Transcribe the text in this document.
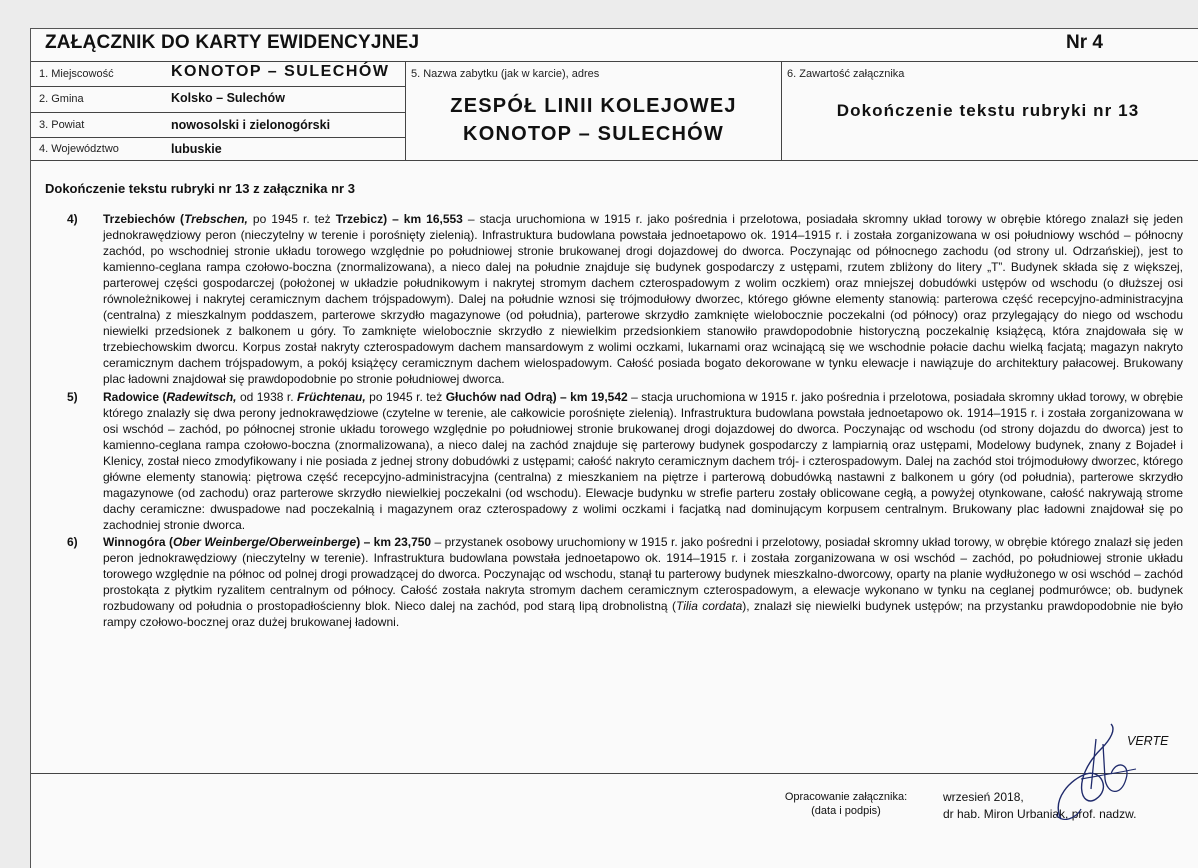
ZAŁĄCZNIK DO KARTY EWIDENCYJNEJ	Nr 4
1. Miejscowość	KONOTOP – SULECHÓW
2. Gmina	Kolsko – Sulechów
3. Powiat	nowosolski i zielonogórski
4. Województwo	lubuskie
5. Nazwa zabytku (jak w karcie), adres
ZESPÓŁ LINII KOLEJOWEJ
KONOTOP – SULECHÓW
6. Zawartość załącznika
Dokończenie tekstu rubryki nr 13
Dokończenie tekstu rubryki nr 13 z załącznika nr 3
4) Trzebiechów (Trebschen, po 1945 r. też Trzebicz) – km 16,553 – stacja uruchomiona w 1915 r. jako pośrednia i przelotowa, posiadała skromny układ torowy w obrębie którego znalazł się jeden jednokrawędziowy peron (nieczytelny w terenie i porośnięty zielenią). Infrastruktura budowlana powstała jednoetapowo ok. 1914–1915 r. i została zorganizowana w osi południowy wschód – północny zachód, po wschodniej stronie układu torowego względnie po południowej stronie brukowanej drogi dojazdowej do dworca. Poczynając od północnego zachodu (od strony ul. Odrzańskiej), jest to kamienno-ceglana rampa czołowo-boczna (znormalizowana), a nieco dalej na południe znajduje się budynek gospodarczy z ustępami, rzutem zbliżony do litery „T”. Budynek składa się z większej, parterowej części gospodarczej (położonej w układzie południkowym i nakrytej stromym dachem czterospadowym z wolim oczkiem) oraz mniejszej dobudówki ustępów od wschodu (o dłuższej osi równoleżnikowej i nakrytej ceramicznym dachem trójspadowym). Dalej na południe wznosi się trójmodułowy dworzec, którego główne elementy stanowią: parterowa część recepcyjno-administracyjna (centralna) z mieszkalnym poddaszem, parterowe skrzydło magazynowe (od południa), parterowe skrzydło zamknięte wielobocznie poczekalni (od północy) oraz przylegający do niego od wschodu niewielki przedsionek z balkonem u góry. To zamknięte wielobocznie skrzydło z niewielkim przedsionkiem stanowiło prawdopodobnie historyczną poczekalnię książęcą, która znajdowała się w trzebiechowskim dworcu. Korpus został nakryty czterospadowym dachem mansardowym z wolimi oczkami, lukarnami oraz wcinającą się we wschodnie połacie dachu wielką facjatą; magazyn nakryto ceramicznym dachem trójspadowym, a pokój książęcy ceramicznym dachem wielospadowym. Całość posiada bogato dekorowane w tynku elewacje i nawiązuje do architektury pałacowej. Brukowany plac ładowni znajdował się prawdopodobnie po stronie południowej dworca.
5) Radowice (Radewitsch, od 1938 r. Früchtenau, po 1945 r. też Głuchów nad Odrą) – km 19,542 – stacja uruchomiona w 1915 r. jako pośrednia i przelotowa, posiadała skromny układ torowy, w obrębie którego znalazły się dwa perony jednokrawędziowe (czytelne w terenie, ale całkowicie porośnięte zielenią). Infrastruktura budowlana powstała jednoetapowo ok. 1914–1915 r. i została zorganizowana w osi wschód – zachód, po północnej stronie układu torowego względnie po południowej stronie brukowanej drogi dojazdowej do dworca. Poczynając od wschodu (od strony dojazdu do dworca) jest to kamienno-ceglana rampa czołowo-boczna (znormalizowana), a nieco dalej na zachód znajduje się parterowy budynek gospodarczy z lampiarnią oraz ustępami, Modelowy budynek, znany z Bojadeł i Klenicy, został nieco zmodyfikowany i nie posiada z jednej strony dobudówki z ustępami; całość nakryto ceramicznym dachem trój- i czterospadowym. Dalej na zachód stoi trójmodułowy dworzec, którego główne elementy stanowią: piętrowa część recepcyjno-administracyjna (centralna) z mieszkaniem na piętrze i parterową dobudówką nastawni z balkonem u góry (od południa), parterowe skrzydło magazynowe (od zachodu) oraz parterowe skrzydło niewielkiej poczekalni (od wschodu). Elewacje budynku w strefie parteru zostały oblicowane cegłą, a powyżej otynkowane, całość nakrywają strome dachy ceramiczne: dwuspadowe nad poczekalnią i magazynem oraz czterospadowy z wolimi oczkami i facjatką nad dominującym korpusem centralnym. Brukowany plac ładowni znajdował się po zachodniej stronie dworca.
6) Winnogóra (Ober Weinberge/Oberweinberge) – km 23,750 – przystanek osobowy uruchomiony w 1915 r. jako pośredni i przelotowy, posiadał skromny układ torowy, w obrębie którego znalazł się jeden peron jednokrawędziowy (nieczytelny w terenie). Infrastruktura budowlana powstała jednoetapowo ok. 1914–1915 r. i została zorganizowana w osi wschód – zachód, po południowej stronie układu torowego względnie na północ od polnej drogi prowadzącej do dworca. Poczynając od wschodu, stanął tu parterowy budynek mieszkalno-dworcowy, oparty na planie wydłużonego w osi wschód – zachód prostokąta z płytkim ryzalitem centralnym od północy. Całość została nakryta stromym dachem ceramicznym czterospadowym, a elewacje wykonano w tynku na ceglanej podmurówce; ob. budynek rozbudowany od południa o prostopadłościenny blok. Nieco dalej na zachód, pod starą lipą drobnolistną (Tilia cordata), znalazł się niewielki budynek ustępów; na przystanku prawdopodobnie nie było rampy czołowo-bocznej oraz dużej brukowanej ładowni.
VERTE
Opracowanie załącznika:
(data i podpis)
wrzesień 2018,
dr hab. Miron Urbaniak, prof. nadzw.
